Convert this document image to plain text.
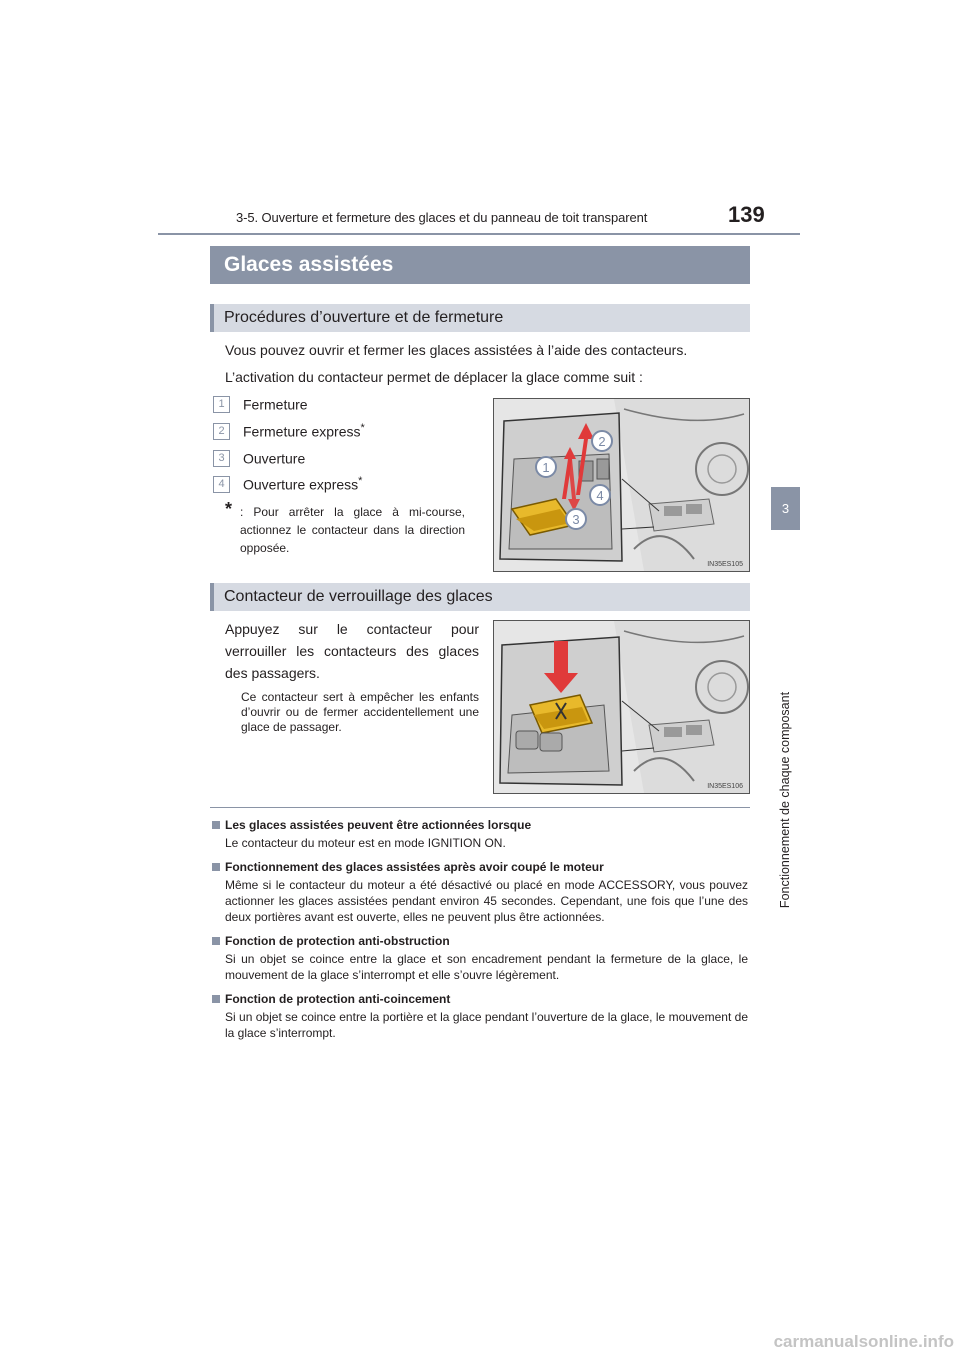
3-5. Ouverture et fermeture des glaces et du panneau de toit transparent	139
3
Fonctionnement de chaque composant
Glaces assistées
Procédures d’ouverture et de fermeture
Vous pouvez ouvrir et fermer les glaces assistées à l’aide des contacteurs.
L’activation du contacteur permet de déplacer la glace comme suit :
1	Fermeture
2	Fermeture express*
3	Ouverture
4	Ouverture express*
* : Pour arrêter la glace à mi-course, actionnez le contacteur dans la direction opposée.
1
2
3
4
IN35ES105
Contacteur de verrouillage des glaces
Appuyez sur le contacteur pour verrouiller les contacteurs des glaces des passagers.
Ce contacteur sert à empêcher les enfants d’ouvrir ou de fermer accidentellement une glace de passager.
IN35ES106
Les glaces assistées peuvent être actionnées lorsque
Le contacteur du moteur est en mode IGNITION ON.
Fonctionnement des glaces assistées après avoir coupé le moteur
Même si le contacteur du moteur a été désactivé ou placé en mode ACCESSORY, vous pouvez actionner les glaces assistées pendant environ 45 secondes. Cependant, une fois que l’une des deux portières avant est ouverte, elles ne peuvent plus être actionnées.
Fonction de protection anti-obstruction
Si un objet se coince entre la glace et son encadrement pendant la fermeture de la glace, le mouvement de la glace s’interrompt et elle s’ouvre légèrement.
Fonction de protection anti-coincement
Si un objet se coince entre la portière et la glace pendant l’ouverture de la glace, le mouvement de la glace s’interrompt.
carmanualsonline.info
